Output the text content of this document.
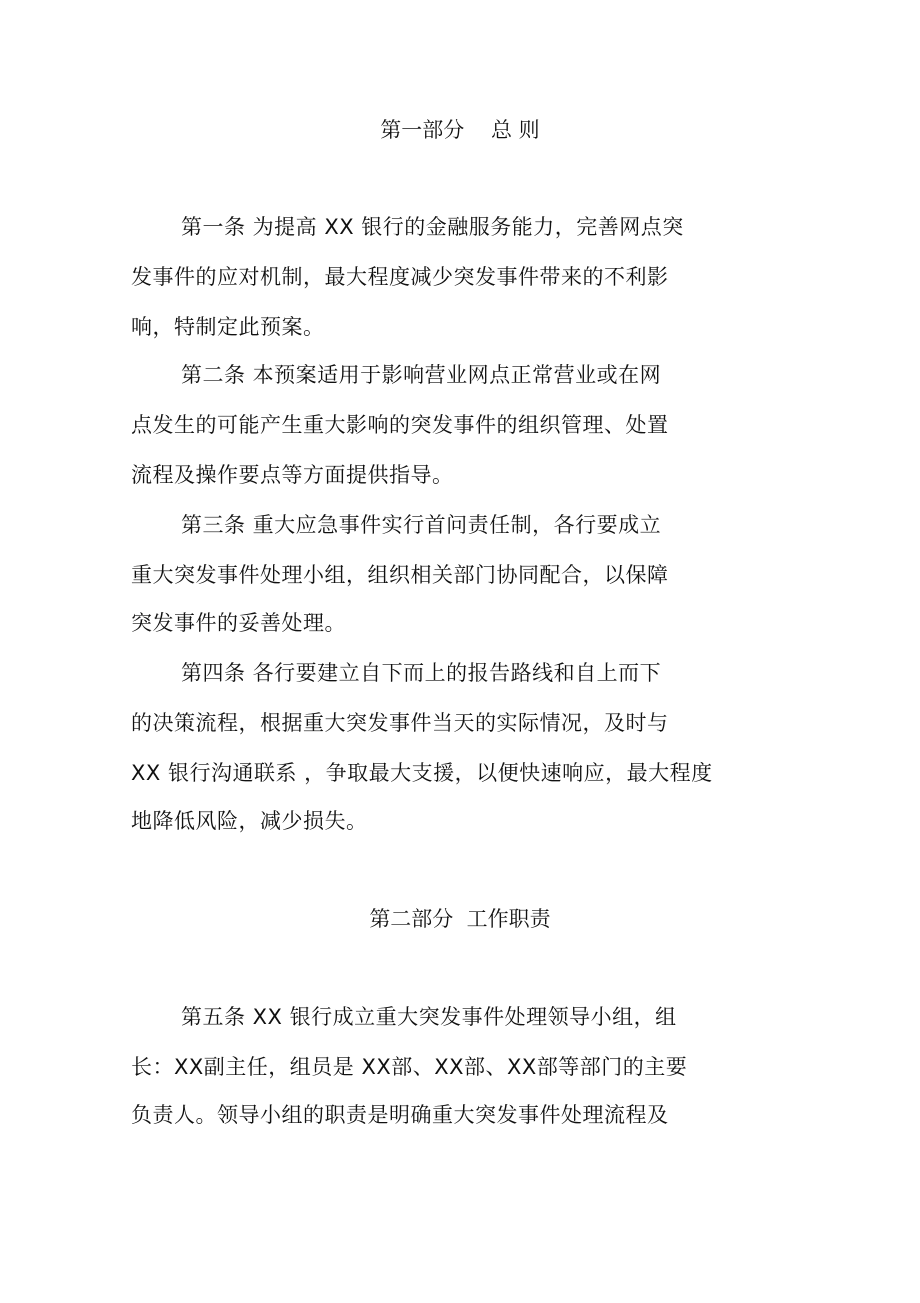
第一部分    总 则
第一条 为提高 XX 银行的金融服务能力，完善网点突
发事件的应对机制，最大程度减少突发事件带来的不利影
响，特制定此预案。
第二条 本预案适用于影响营业网点正常营业或在网
点发生的可能产生重大影响的突发事件的组织管理、处置
流程及操作要点等方面提供指导。
第三条 重大应急事件实行首问责任制，各行要成立
重大突发事件处理小组，组织相关部门协同配合，以保障
突发事件的妥善处理。
第四条 各行要建立自下而上的报告路线和自上而下
的决策流程，根据重大突发事件当天的实际情况，及时与
XX 银行沟通联系 ，争取最大支援，以便快速响应，最大程度
地降低风险，减少损失。
第二部分  工作职责
第五条 XX 银行成立重大突发事件处理领导小组，组
长：XX副主任，组员是 XX部、XX部、XX部等部门的主要
负责人。领导小组的职责是明确重大突发事件处理流程及
